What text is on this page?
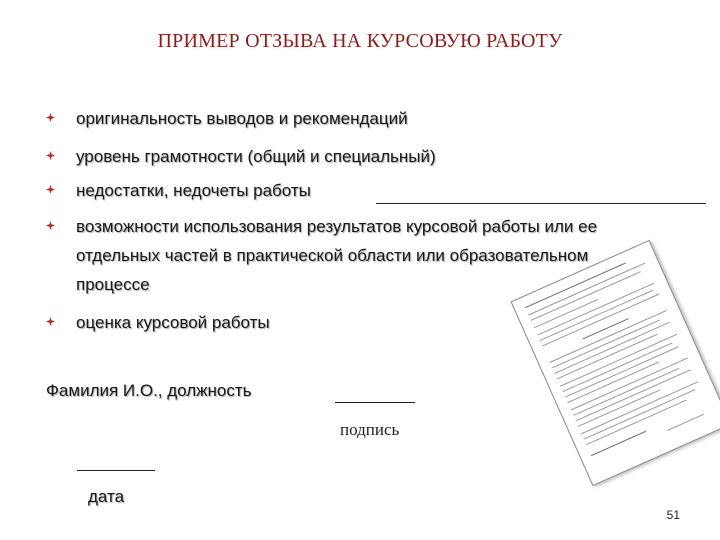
ПРИМЕР ОТЗЫВА НА КУРСОВУЮ РАБОТУ
оригинальность выводов и рекомендаций
уровень грамотности (общий и специальный)
недостатки, недочеты работы
возможности использования результатов курсовой работы или ее
отдельных частей в практической области или образовательном
процессе
оценка курсовой работы
Фамилия И.О., должность
подпись
дата
51
